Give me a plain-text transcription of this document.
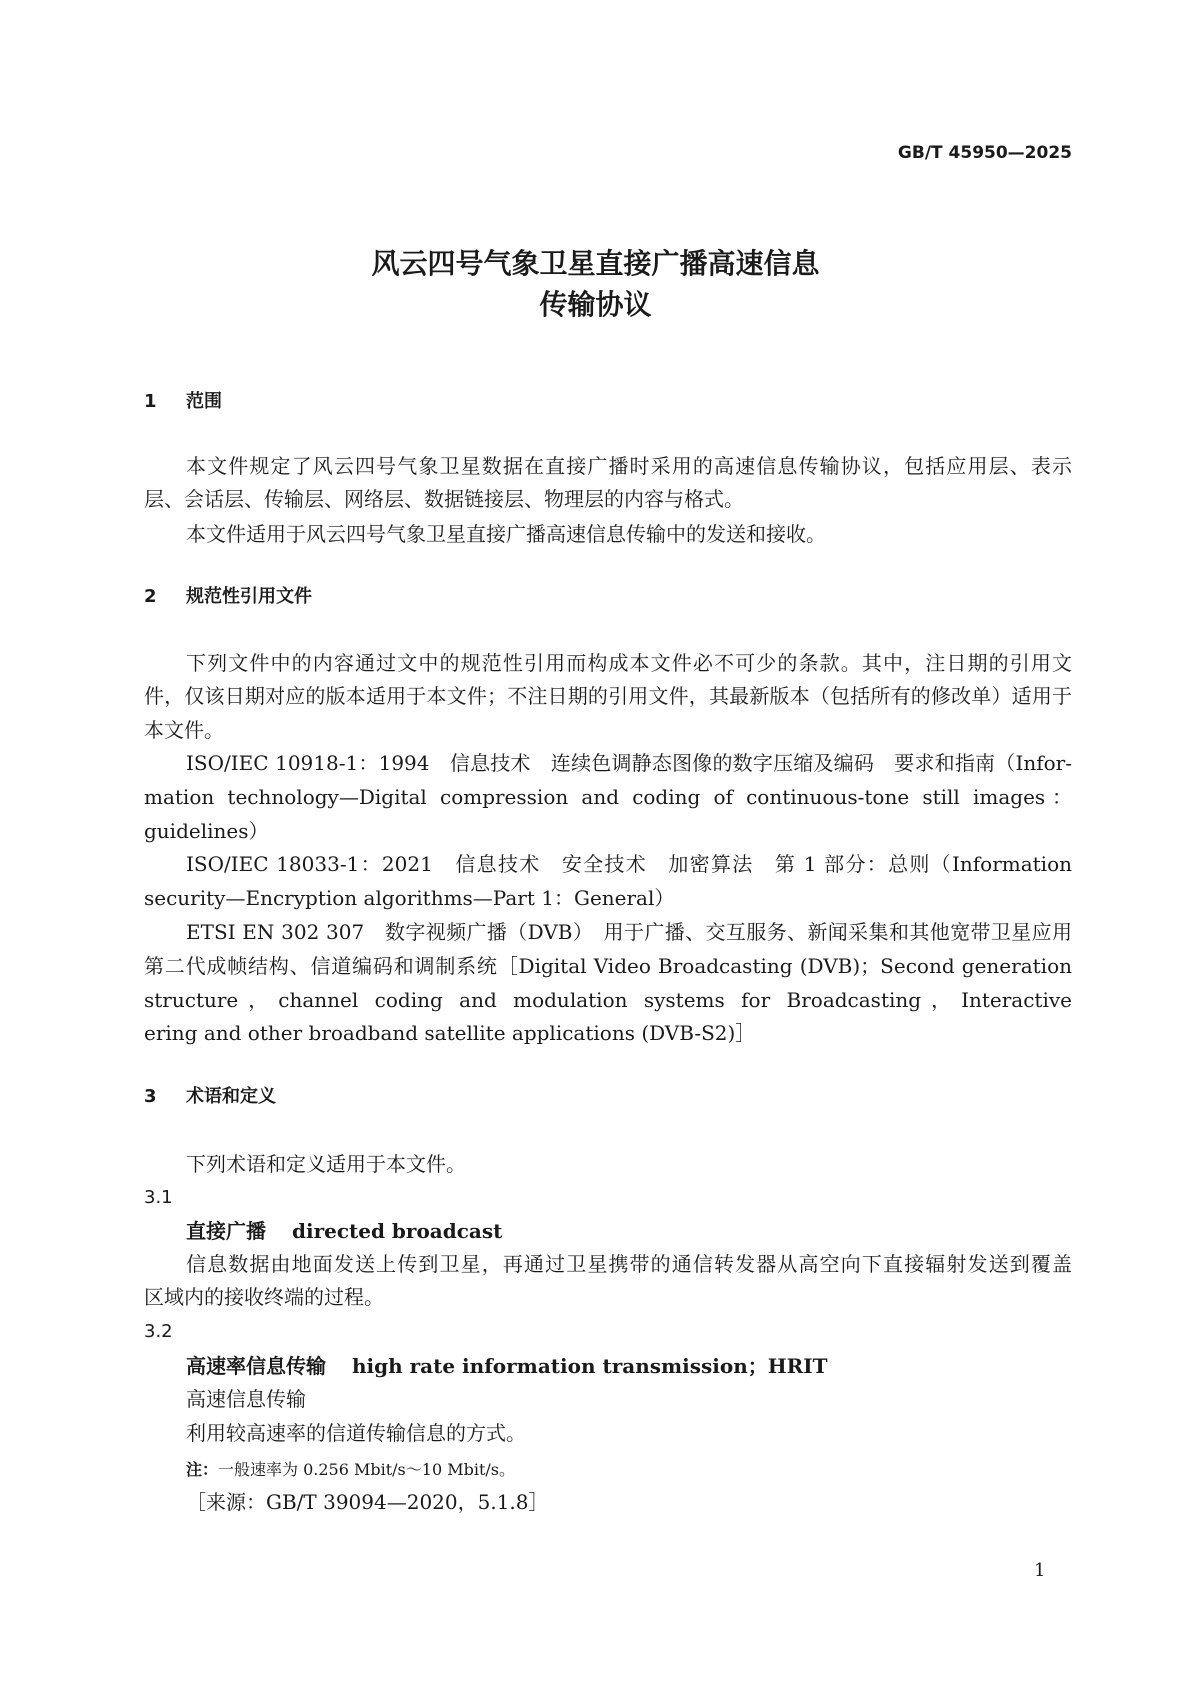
GB/T 45950—2025
风云四号气象卫星直接广播高速信息
传输协议
1 范围
本文件规定了风云四号气象卫星数据在直接广播时采用的高速信息传输协议，包括应用层、表示
层、会话层、传输层、网络层、数据链接层、物理层的内容与格式。
本文件适用于风云四号气象卫星直接广播高速信息传输中的发送和接收。
2 规范性引用文件
下列文件中的内容通过文中的规范性引用而构成本文件必不可少的条款。其中，注日期的引用文
件，仅该日期对应的版本适用于本文件；不注日期的引用文件，其最新版本（包括所有的修改单）适用于
本文件。
ISO/IEC 10918-1：1994　信息技术　连续色调静态图像的数字压缩及编码　要求和指南（Infor-
mation technology—Digital compression and coding of continuous-tone still images：
guidelines）
ISO/IEC 18033-1：2021　信息技术　安全技术　加密算法　第 1 部分：总则（Information
security—Encryption algorithms—Part 1：General）
ETSI EN 302 307　数字视频广播（DVB）　用于广播、交互服务、新闻采集和其他宽带卫星应用
第二代成帧结构、信道编码和调制系统［Digital Video Broadcasting (DVB)；Second generation
structure，channel coding and modulation systems for Broadcasting，Interactive
ering and other broadband satellite applications (DVB-S2)］
3 术语和定义
下列术语和定义适用于本文件。
3.1
直接广播 directed broadcast
信息数据由地面发送上传到卫星，再通过卫星携带的通信转发器从高空向下直接辐射发送到覆盖
区域内的接收终端的过程。
3.2
高速率信息传输 high rate information transmission；HRIT
高速信息传输
利用较高速率的信道传输信息的方式。
注：一般速率为 0.256 Mbit/s～10 Mbit/s。
［来源：GB/T 39094—2020，5.1.8］
1
